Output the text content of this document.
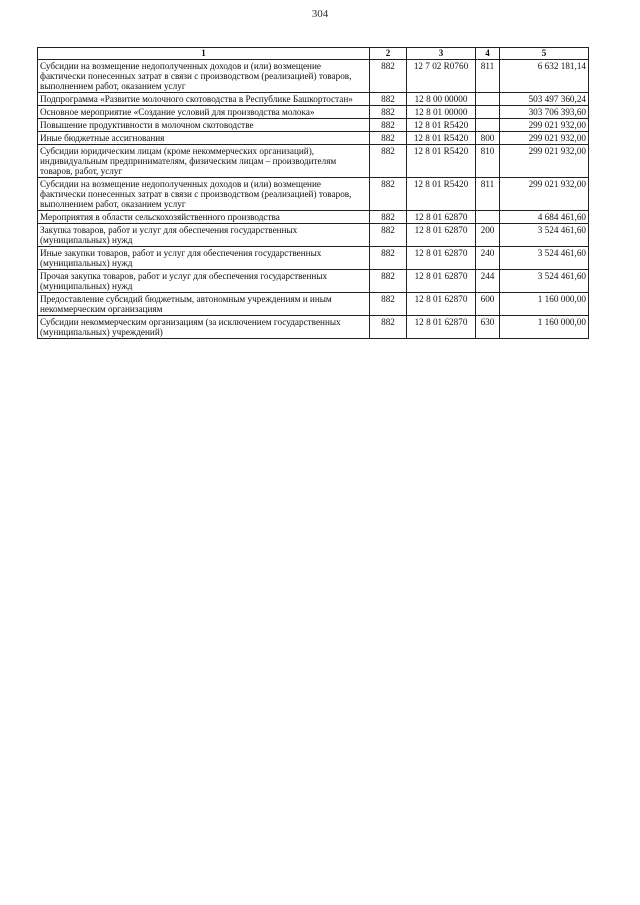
304
1	2	3	4	5
Субсидии на возмещение недополученных доходов и (или) возмещение фактически понесенных затрат в связи с производством (реализацией) товаров, выполнением работ, оказанием услуг	882	12 7 02 R0760	811	6 632 181,14
Подпрограмма «Развитие молочного скотоводства в Республике Башкортостан»	882	12 8 00 00000		503 497 360,24
Основное мероприятие «Создание условий для производства молока»	882	12 8 01 00000		303 706 393,60
Повышение продуктивности в молочном скотоводстве	882	12 8 01 R5420		299 021 932,00
Иные бюджетные ассигнования	882	12 8 01 R5420	800	299 021 932,00
Субсидии юридическим лицам (кроме некоммерческих организаций), индивидуальным предпринимателям, физическим лицам – производителям товаров, работ, услуг	882	12 8 01 R5420	810	299 021 932,00
Субсидии на возмещение недополученных доходов и (или) возмещение фактически понесенных затрат в связи с производством (реализацией) товаров, выполнением работ, оказанием услуг	882	12 8 01 R5420	811	299 021 932,00
Мероприятия в области сельскохозяйственного производства	882	12 8 01 62870		4 684 461,60
Закупка товаров, работ и услуг для обеспечения государственных (муниципальных) нужд	882	12 8 01 62870	200	3 524 461,60
Иные закупки товаров, работ и услуг для обеспечения государственных (муниципальных) нужд	882	12 8 01 62870	240	3 524 461,60
Прочая закупка товаров, работ и услуг для обеспечения государственных (муниципальных) нужд	882	12 8 01 62870	244	3 524 461,60
Предоставление субсидий бюджетным, автономным учреждениям и иным некоммерческим организациям	882	12 8 01 62870	600	1 160 000,00
Субсидии некоммерческим организациям (за исключением государственных (муниципальных) учреждений)	882	12 8 01 62870	630	1 160 000,00
